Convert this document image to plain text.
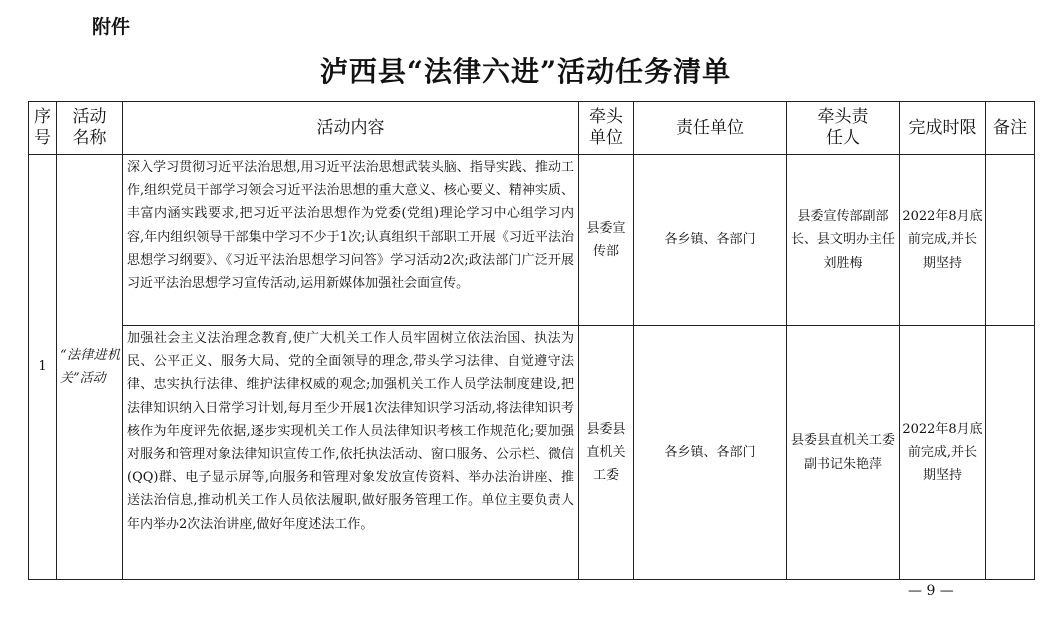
附件
泸西县“法律六进”活动任务清单
序号	活动名称	活动内容	牵头单位	责任单位	牵头责任人	完成时限	备注
1	“法律进机关”活动	深入学习贯彻习近平法治思想,用习近平法治思想武装头脑、指导实践、推动工作,组织党员干部学习领会习近平法治思想的重大意义、核心要义、精神实质、丰富内涵实践要求,把习近平法治思想作为党委(党组)理论学习中心组学习内容,年内组织领导干部集中学习不少于1次;认真组织干部职工开展《习近平法治思想学习纲要》、《习近平法治思想学习问答》学习活动2次;政法部门广泛开展习近平法治思想学习宣传活动,运用新媒体加强社会面宣传。	县委宣传部	各乡镇、各部门	县委宣传部副部长、县文明办主任刘胜梅	2022年8月底前完成,并长期坚持	
		加强社会主义法治理念教育,使广大机关工作人员牢固树立依法治国、执法为民、公平正义、服务大局、党的全面领导的理念,带头学习法律、自觉遵守法律、忠实执行法律、维护法律权威的观念;加强机关工作人员学法制度建设,把法律知识纳入日常学习计划,每月至少开展1次法律知识学习活动,将法律知识考核作为年度评先依据,逐步实现机关工作人员法律知识考核工作规范化;要加强对服务和管理对象法律知识宣传工作,依托执法活动、窗口服务、公示栏、微信(QQ)群、电子显示屏等,向服务和管理对象发放宣传资料、举办法治讲座、推送法治信息,推动机关工作人员依法履职,做好服务管理工作。单位主要负责人年内举办2次法治讲座,做好年度述法工作。	县委县直机关工委	各乡镇、各部门	县委县直机关工委副书记朱艳萍	2022年8月底前完成,并长期坚持	
— 9 —
